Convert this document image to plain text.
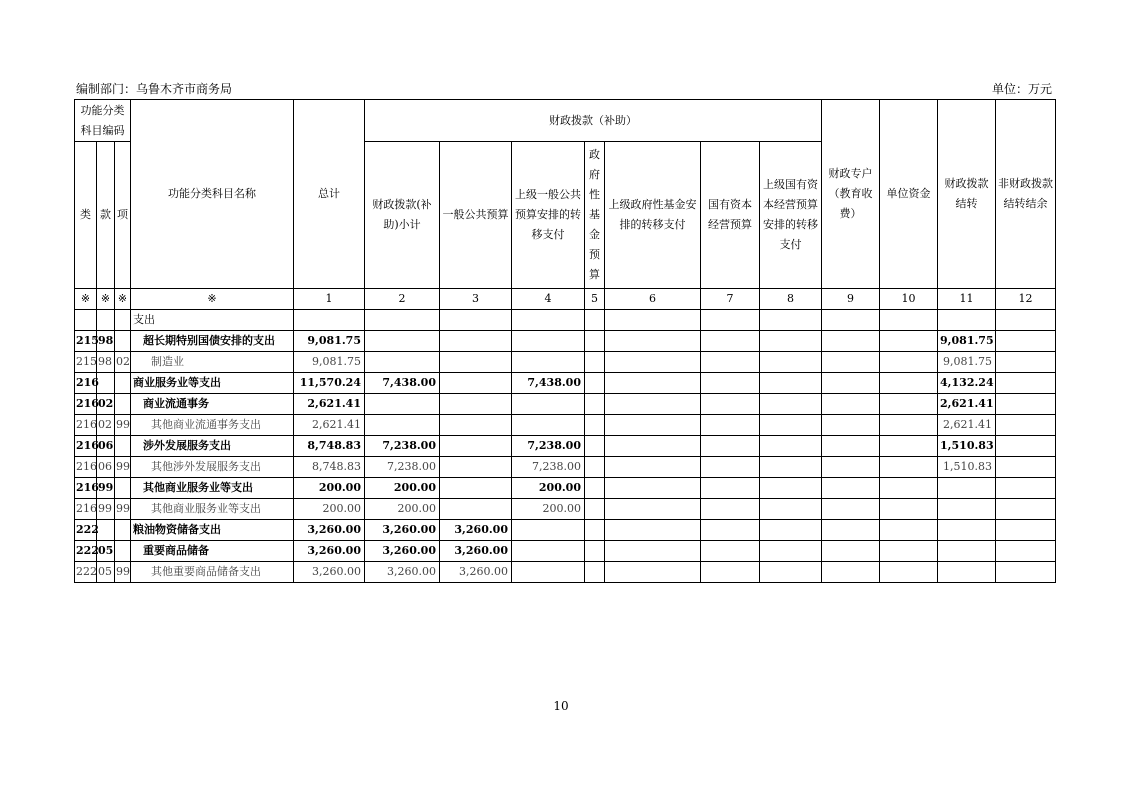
编制部门：乌鲁木齐市商务局	单位：万元
功能分类科目编码			功能分类科目名称	总计	财政拨款（补助）							财政专户（教育收费）	单位资金	财政拨款结转	非财政拨款结转结余
类	款	项			财政拨款(补助)小计	一般公共预算	上级一般公共预算安排的转移支付	政府性基金预算	上级政府性基金安排的转移支付	国有资本经营预算	上级国有资本经营预算安排的转移支付				
※	※	※	※	1	2	3	4	5	6	7	8	9	10	11	12
			支出												
215	98		超长期特别国债安排的支出	9,081.75										9,081.75	
215	98	02	制造业	9,081.75										9,081.75	
216			商业服务业等支出	11,570.24	7,438.00		7,438.00							4,132.24	
216	02		商业流通事务	2,621.41										2,621.41	
216	02	99	其他商业流通事务支出	2,621.41										2,621.41	
216	06		涉外发展服务支出	8,748.83	7,238.00		7,238.00							1,510.83	
216	06	99	其他涉外发展服务支出	8,748.83	7,238.00		7,238.00							1,510.83	
216	99		其他商业服务业等支出	200.00	200.00		200.00								
216	99	99	其他商业服务业等支出	200.00	200.00		200.00								
222			粮油物资储备支出	3,260.00	3,260.00	3,260.00									
222	05		重要商品储备	3,260.00	3,260.00	3,260.00									
222	05	99	其他重要商品储备支出	3,260.00	3,260.00	3,260.00									
10
